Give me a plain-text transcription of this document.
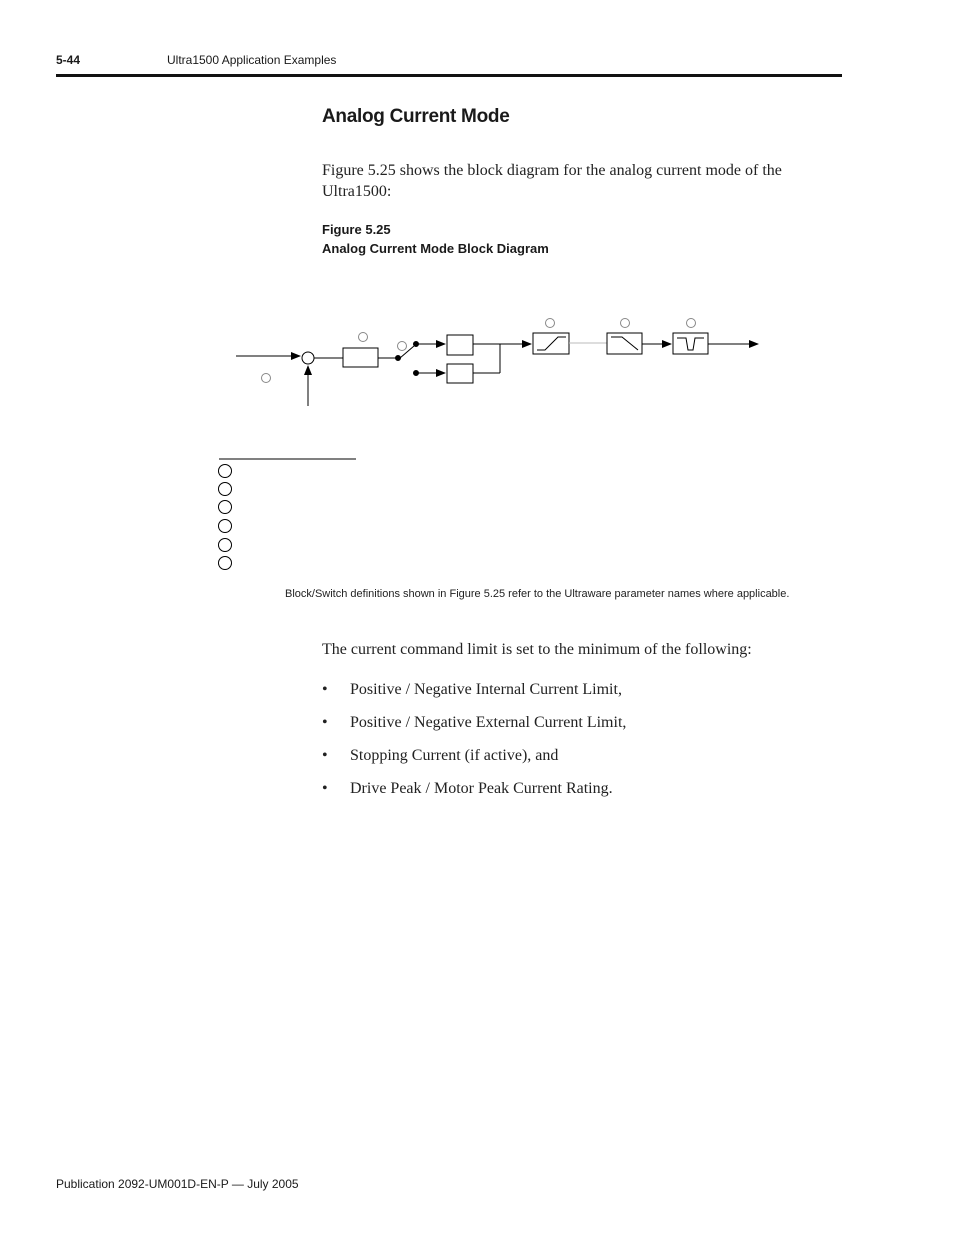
5-44	Ultra1500 Application Examples
Analog Current Mode
Figure 5.25 shows the block diagram for the analog current mode of the Ultra1500:
Figure 5.25
Analog Current Mode Block Diagram
Block/Switch definitions shown in Figure 5.25 refer to the Ultraware parameter names where applicable.
The current command limit is set to the minimum of the following:
• Positive / Negative Internal Current Limit,
• Positive / Negative External Current Limit,
• Stopping Current (if active), and
• Drive Peak / Motor Peak Current Rating.
Publication 2092-UM001D-EN-P — July 2005
